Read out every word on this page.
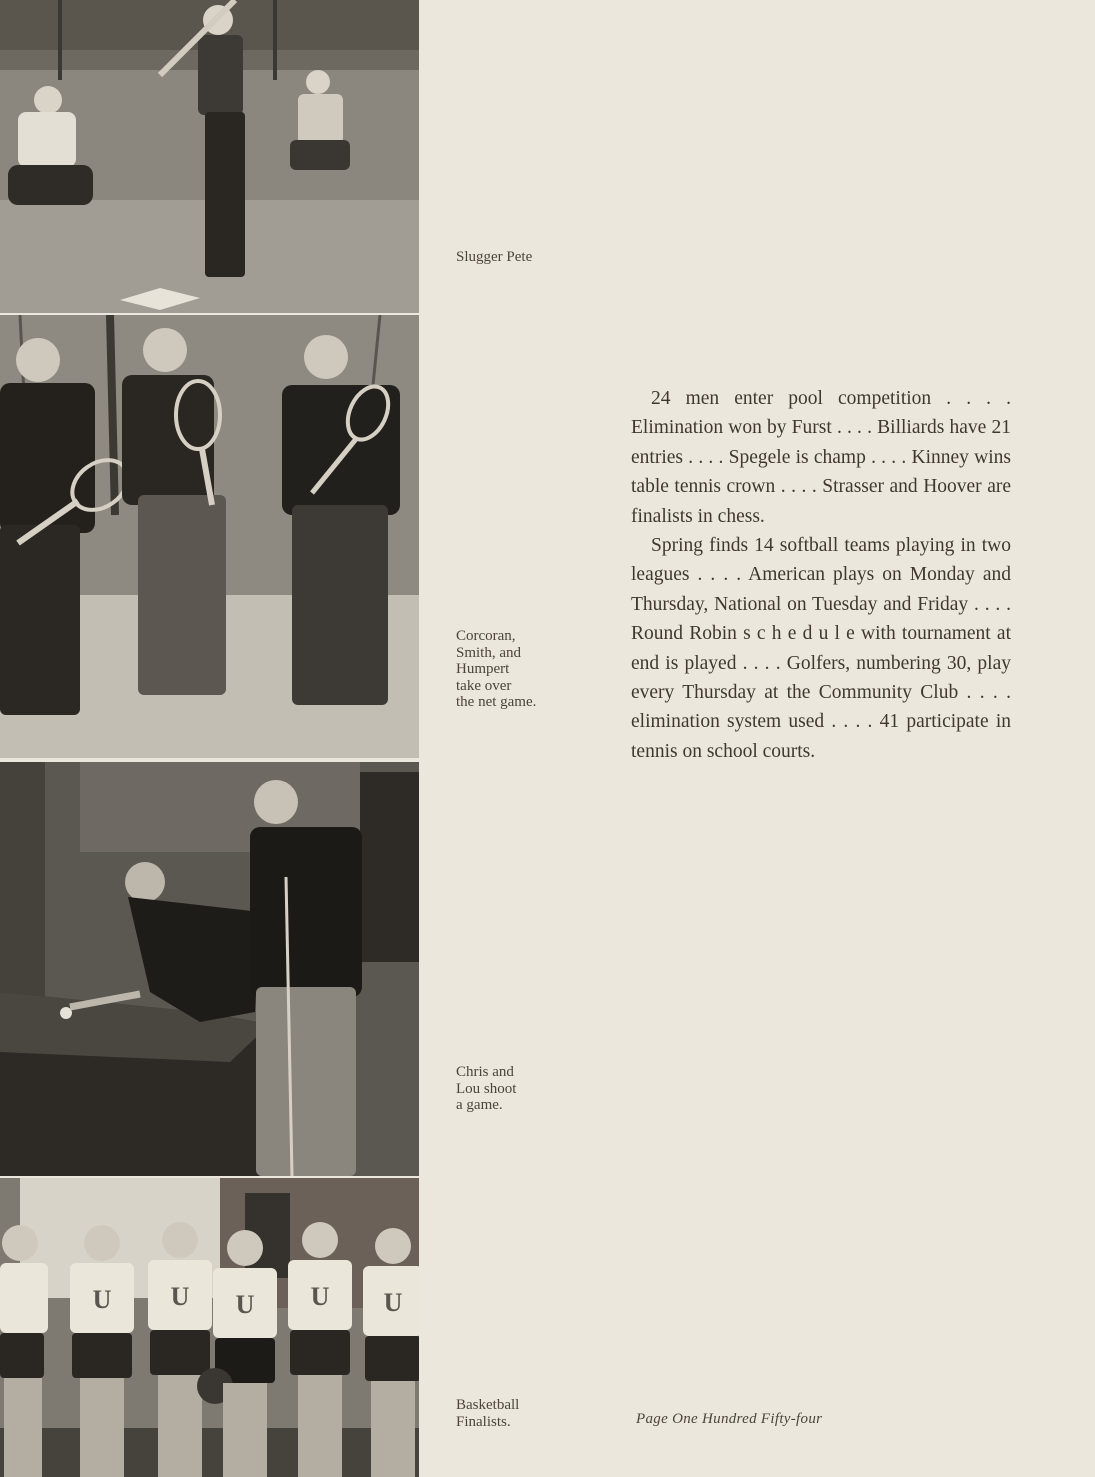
U U U U U
Slugger Pete
Corcoran,
Smith, and
Humpert
take over
the net game.
Chris and
Lou shoot
a game.
Basketball
Finalists.

24 men enter pool competition . . . . Elimination won by Furst . . . . Billiards have 21 entries . . . . Spegele is champ . . . . Kinney wins table tennis crown . . . . Strasser and Hoover are finalists in chess.

Spring finds 14 softball teams playing in two leagues . . . . American plays on Monday and Thursday, National on Tuesday and Friday . . . . Round Robin s c h e d u l e with tournament at end is played . . . . Golfers, numbering 30, play every Thursday at the Community Club . . . . elimination system used . . . . 41 participate in tennis on school courts.

Page One Hundred Fifty-four
